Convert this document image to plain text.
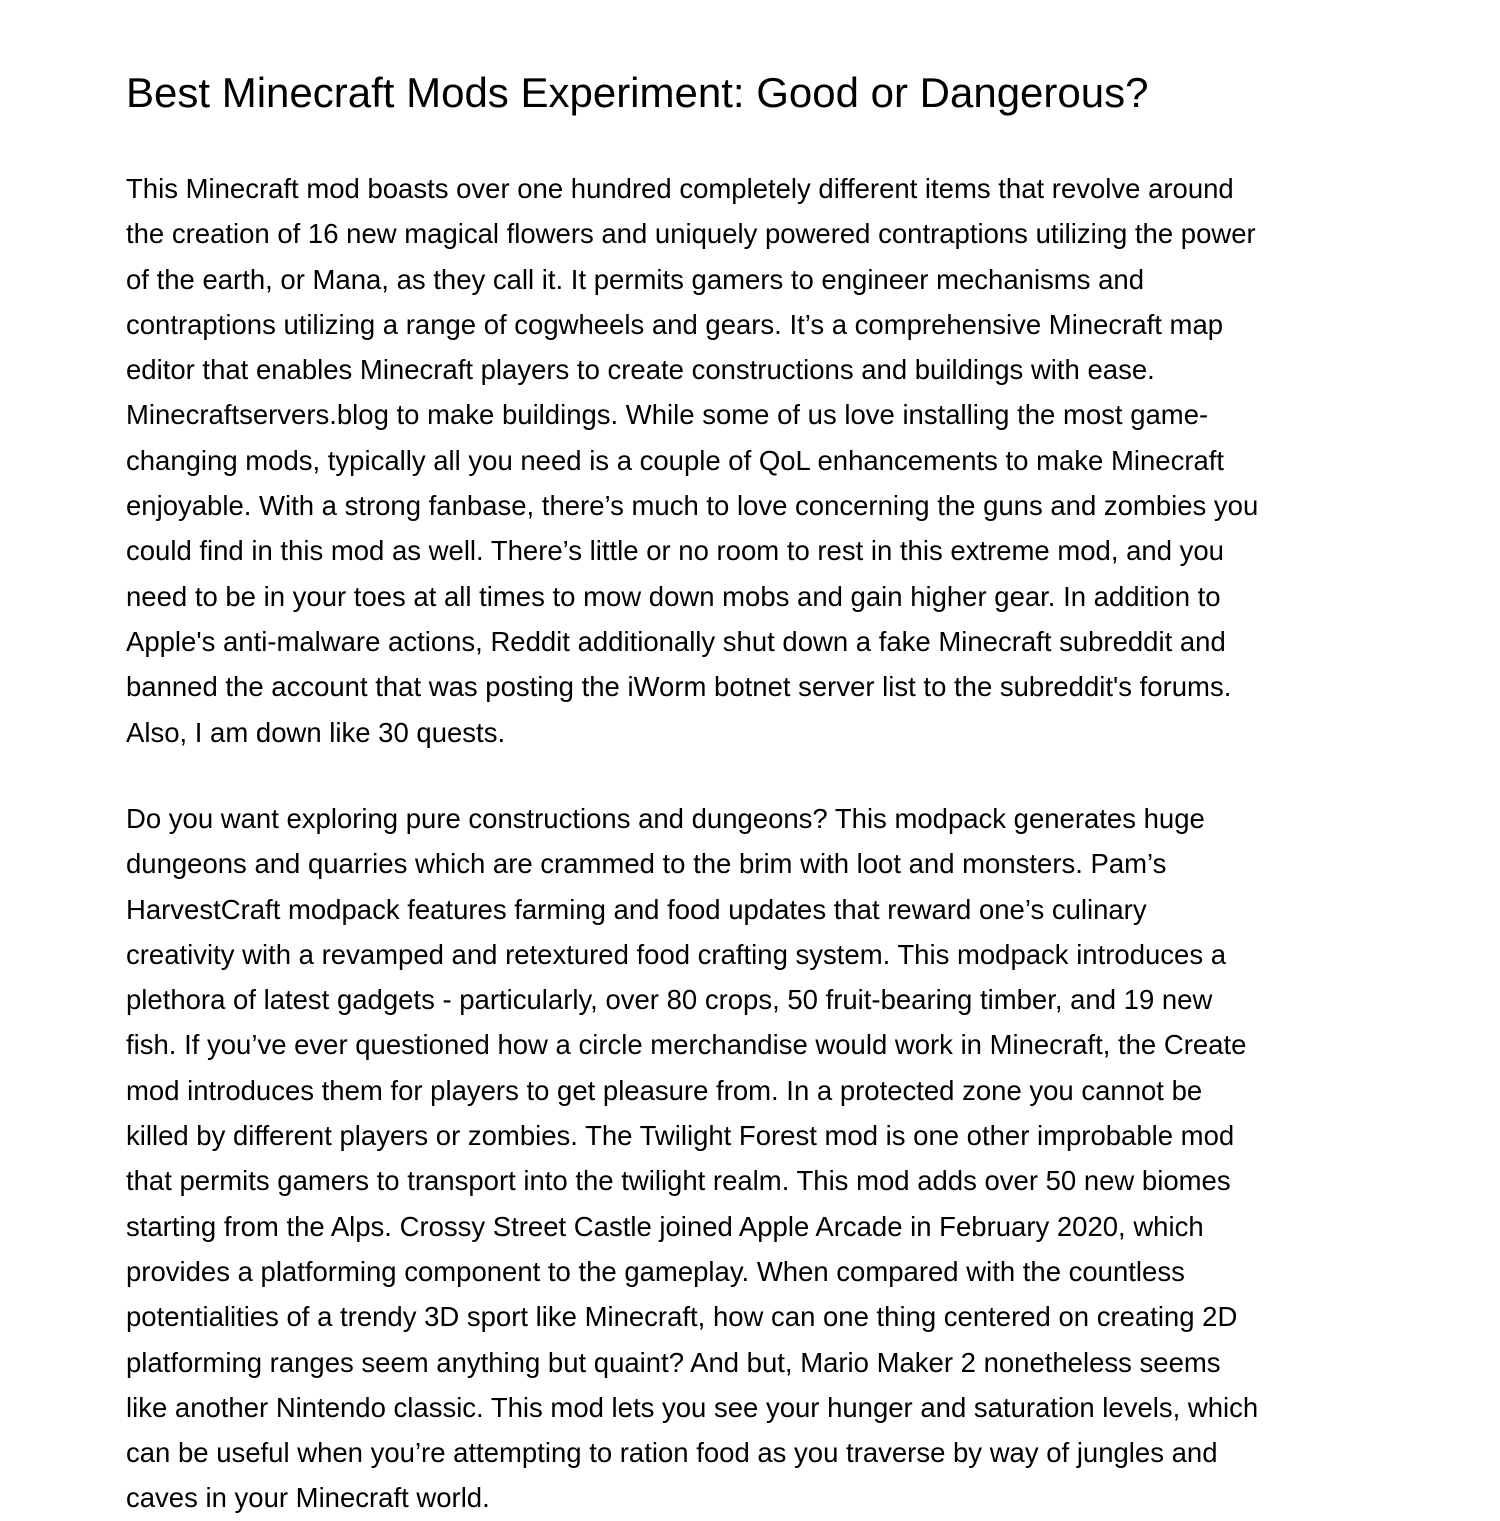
Best Minecraft Mods Experiment: Good or Dangerous?
This Minecraft mod boasts over one hundred completely different items that revolve around
the creation of 16 new magical flowers and uniquely powered contraptions utilizing the power
of the earth, or Mana, as they call it. It permits gamers to engineer mechanisms and
contraptions utilizing a range of cogwheels and gears. It’s a comprehensive Minecraft map
editor that enables Minecraft players to create constructions and buildings with ease.
Minecraftservers.blog to make buildings. While some of us love installing the most game-
changing mods, typically all you need is a couple of QoL enhancements to make Minecraft
enjoyable. With a strong fanbase, there’s much to love concerning the guns and zombies you
could find in this mod as well. There’s little or no room to rest in this extreme mod, and you
need to be in your toes at all times to mow down mobs and gain higher gear. In addition to
Apple's anti-malware actions, Reddit additionally shut down a fake Minecraft subreddit and
banned the account that was posting the iWorm botnet server list to the subreddit's forums.
Also, I am down like 30 quests.
Do you want exploring pure constructions and dungeons? This modpack generates huge
dungeons and quarries which are crammed to the brim with loot and monsters. Pam’s
HarvestCraft modpack features farming and food updates that reward one’s culinary
creativity with a revamped and retextured food crafting system. This modpack introduces a
plethora of latest gadgets - particularly, over 80 crops, 50 fruit-bearing timber, and 19 new
fish. If you’ve ever questioned how a circle merchandise would work in Minecraft, the Create
mod introduces them for players to get pleasure from. In a protected zone you cannot be
killed by different players or zombies. The Twilight Forest mod is one other improbable mod
that permits gamers to transport into the twilight realm. This mod adds over 50 new biomes
starting from the Alps. Crossy Street Castle joined Apple Arcade in February 2020, which
provides a platforming component to the gameplay. When compared with the countless
potentialities of a trendy 3D sport like Minecraft, how can one thing centered on creating 2D
platforming ranges seem anything but quaint? And but, Mario Maker 2 nonetheless seems
like another Nintendo classic. This mod lets you see your hunger and saturation levels, which
can be useful when you’re attempting to ration food as you traverse by way of jungles and
caves in your Minecraft world.
